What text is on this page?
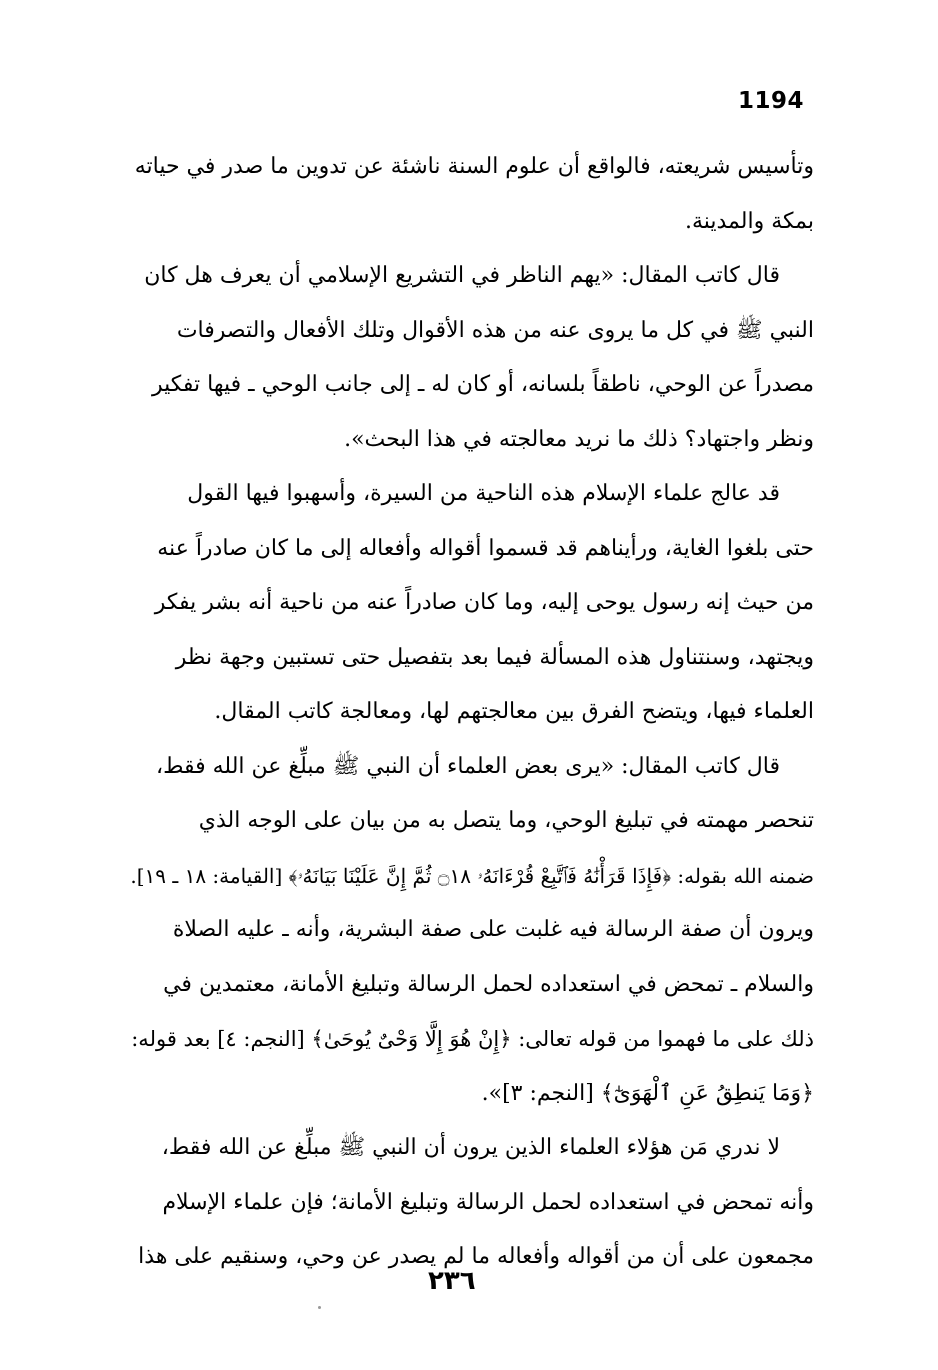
1194
وتأسيس شريعته، فالواقع أن علوم السنة ناشئة عن تدوين ما صدر في حياته
بمكة والمدينة.
قال كاتب المقال: «يهم الناظر في التشريع الإسلامي أن يعرف هل كان
النبي ﷺ في كل ما يروى عنه من هذه الأقوال وتلك الأفعال والتصرفات
مصدراً عن الوحي، ناطقاً بلسانه، أو كان له ـ إلى جانب الوحي ـ فيها تفكير
ونظر واجتهاد؟ ذلك ما نريد معالجته في هذا البحث».
قد عالج علماء الإسلام هذه الناحية من السيرة، وأسهبوا فيها القول
حتى بلغوا الغاية، ورأيناهم قد قسموا أقواله وأفعاله إلى ما كان صادراً عنه
من حيث إنه رسول يوحى إليه، وما كان صادراً عنه من ناحية أنه بشر يفكر
ويجتهد، وسنتناول هذه المسألة فيما بعد بتفصيل حتى تستبين وجهة نظر
العلماء فيها، ويتضح الفرق بين معالجتهم لها، ومعالجة كاتب المقال.
قال كاتب المقال: «يرى بعض العلماء أن النبي ﷺ مبلِّغ عن الله فقط،
تنحصر مهمته في تبليغ الوحي، وما يتصل به من بيان على الوجه الذي
ضمنه الله بقوله: ﴿فَإِذَا قَرَأْنَٰهُ فَٱتَّبِعْ قُرْءَانَهُۥ ۝١٨ ثُمَّ إِنَّ عَلَيْنَا بَيَانَهُۥ﴾ [القيامة: ١٨ ـ ١٩].
ويرون أن صفة الرسالة فيه غلبت على صفة البشرية، وأنه ـ عليه الصلاة
والسلام ـ تمحض في استعداده لحمل الرسالة وتبليغ الأمانة، معتمدين في
ذلك على ما فهموا من قوله تعالى: ﴿إِنْ هُوَ إِلَّا وَحْىٌ يُوحَىٰ﴾ [النجم: ٤] بعد قوله:
﴿وَمَا يَنطِقُ عَنِ ٱلْهَوَىٰٓ﴾ [النجم: ٣]».
لا ندري مَن هؤلاء العلماء الذين يرون أن النبي ﷺ مبلِّغ عن الله فقط،
وأنه تمحض في استعداده لحمل الرسالة وتبليغ الأمانة؛ فإن علماء الإسلام
مجمعون على أن من أقواله وأفعاله ما لم يصدر عن وحي، وسنقيم على هذا
٢٣٦
